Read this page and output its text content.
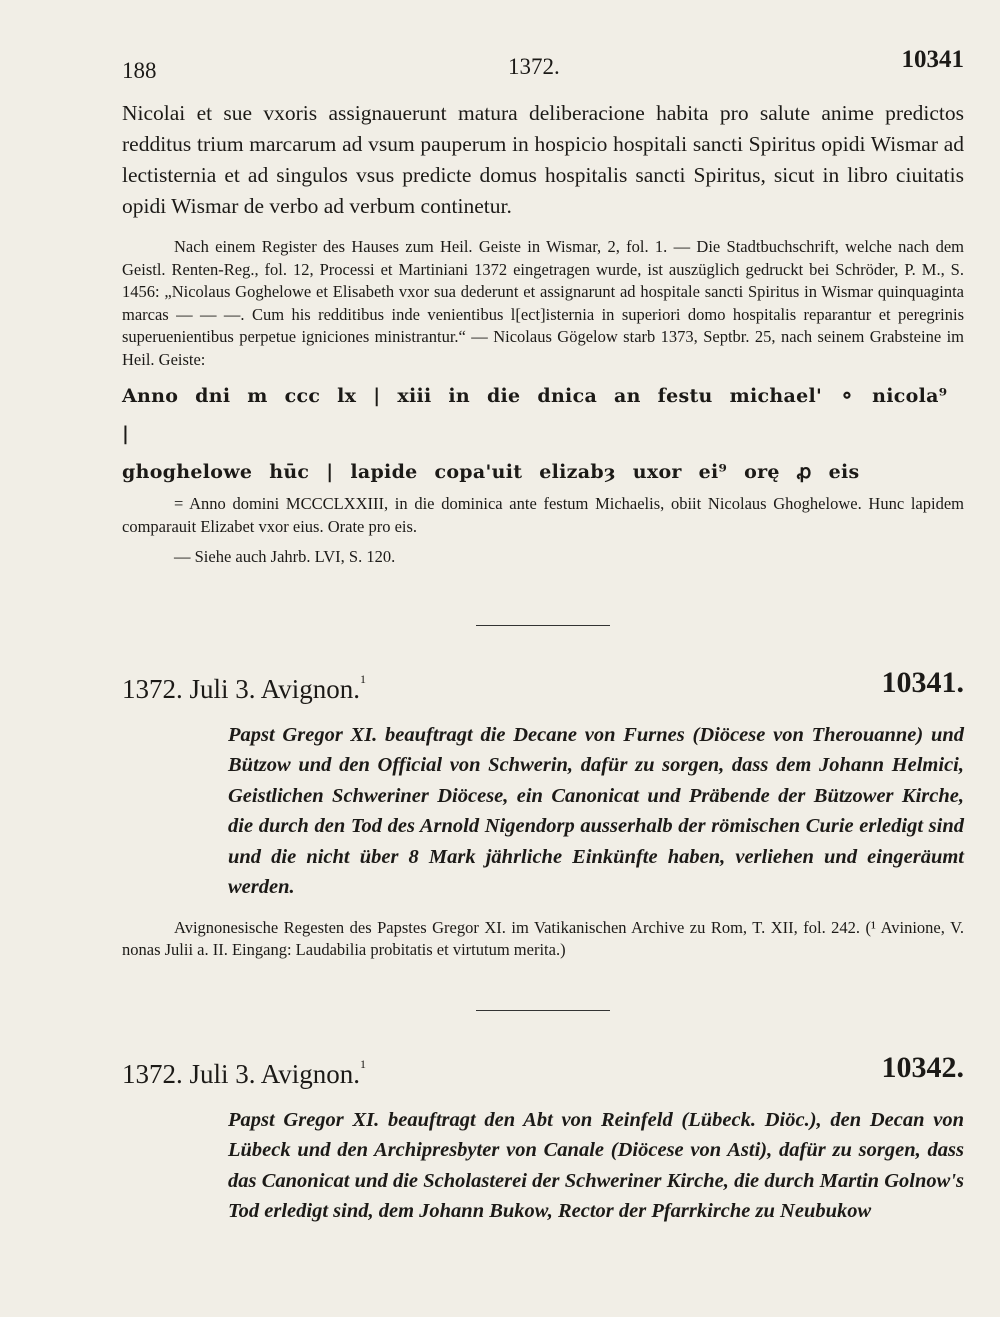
188	1372.	10341
Nicolai et sue vxoris assignauerunt matura deliberacione habita pro salute anime predictos redditus trium marcarum ad vsum pauperum in hospicio hospitali sancti Spiritus opidi Wismar ad lectisternia et ad singulos vsus predicte domus hospitalis sancti Spiritus, sicut in libro ciuitatis opidi Wismar de verbo ad verbum continetur.

Nach einem Register des Hauses zum Heil. Geiste in Wismar, 2, fol. 1. — Die Stadtbuchschrift, welche nach dem Geistl. Renten-Reg., fol. 12, Processi et Martiniani 1372 eingetragen wurde, ist auszüglich gedruckt bei Schröder, P. M., S. 1456: „Nicolaus Goghelowe et Elisabeth vxor sua dederunt et assignarunt ad hospitale sancti Spiritus in Wismar quinquaginta marcas — — —. Cum his redditibus inde venientibus l[ect]isternia in superiori domo hospitalis reparantur et peregrinis superuenientibus perpetue igniciones ministrantur.“ — Nicolaus Gögelow starb 1373, Septbr. 25, nach seinem Grabsteine im Heil. Geiste:

Anno dni m ccc lx | xiii in die dnica an festu michael' ⚬ nicola⁹ |
ghoghelowe hūc | lapide copa'uit elizabȝ uxor ei⁹ orę ꝓ eis

= Anno domini MCCCLXXIII, in die dominica ante festum Michaelis, obiit Nicolaus Ghoghelowe. Hunc lapidem comparauit Elizabet vxor eius. Orate pro eis.

— Siehe auch Jahrb. LVI, S. 120.

1372. Juli 3. Avignon.$^1$	10341.
Papst Gregor XI. beauftragt die Decane von Furnes (Diöcese von Therouanne) und Bützow und den Official von Schwerin, dafür zu sorgen, dass dem Johann Helmici, Geistlichen Schweriner Diöcese, ein Canonicat und Präbende der Bützower Kirche, die durch den Tod des Arnold Nigendorp ausserhalb der römischen Curie erledigt sind und die nicht über 8 Mark jährliche Einkünfte haben, verliehen und eingeräumt werden.

Avignonesische Regesten des Papstes Gregor XI. im Vatikanischen Archive zu Rom, T. XII, fol. 242. (¹ Avinione, V. nonas Julii a. II. Eingang: Laudabilia probitatis et virtutum merita.)

1372. Juli 3. Avignon.$^1$	10342.
Papst Gregor XI. beauftragt den Abt von Reinfeld (Lübeck. Diöc.), den Decan von Lübeck und den Archipresbyter von Canale (Diöcese von Asti), dafür zu sorgen, dass das Canonicat und die Scholasterei der Schweriner Kirche, die durch Martin Golnow's Tod erledigt sind, dem Johann Bukow, Rector der Pfarrkirche zu Neubukow
